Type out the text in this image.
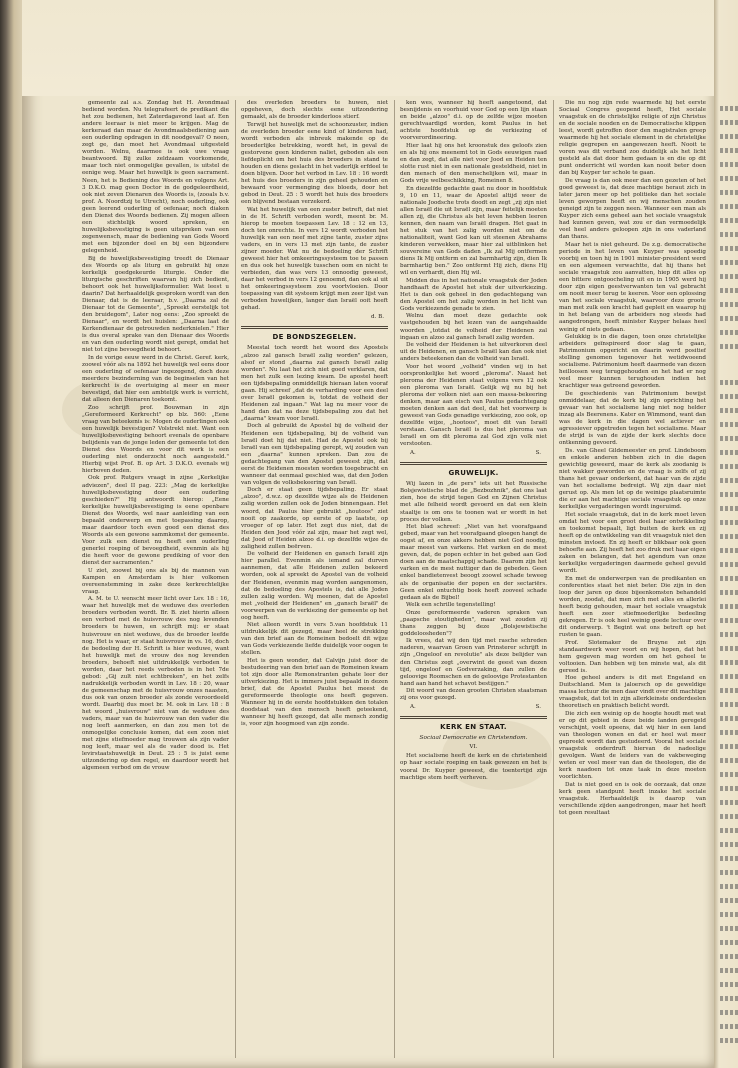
gemeente zal a.s. Zondag het H. Avondmaal bediend worden. Nu telegrafeert de predikant die het zou bedienen, het Zaterdagavond laat af. Een andere leeraar is niet meer te krijgen. Mag de kerkeraad dan maar de Avondmaalsbediening aan een ouderling opdragen in dit noodgeval? O neen, zegt ge, dan moet het Avondmaal uitgesteld worden. Welnu, daarmee is ook uwe vraag beantwoord. Bij zulke zeldzaam voorkomende, maar toch niet onmogelijke gevallen, is uitstel de eenige weg. Maar het huwelijk is geen sacrament. Neen, het is Bediening des Woords en volgens Art. 3 D.K.O. mag geen Doctor in de godgeleerdheid, ook niet zeven Dienaren des Woords is, (zooals b.v. prof. A. Noordtzij te Utrecht), noch ouderling, ook geen leerend ouderling of oefenaar, noch diaken den Dienst des Woords bedienen. Zij mogen alleen een stichtelijk woord spreken, en huwelijksbevestiging is geen uitspreken van een zegenwensch, maar de bediening van Gods Woord met een bijzonder doel en bij een bijzondere gelegenheid.

Bij de huwelijksbevestiging treedt de Dienaar des Woords op als liturg en gebruikt hij onze kerkelijk goedgekeurde liturgie. Onder die liturgische geschriften waarvan hij zich bedient, behoort ook het huwelijksformulier. Wat leest u daarin? Dat herhaaldelijk gesproken wordt van den Dienaar, dat is de leeraar, b.v. „Daarna zal de Dienaar tot de Gemeente", „Spreekt eerstelijk tot den bruidegom", Later nog eens: „Zoo spreekt de Dienaar", en wordt het huislen: „Daarna laat de Kerkendienaar de getrouwden nederknielen." Hier is dus overal sprake van den Dienaar des Woords en van den ouderling wordt niet gerept, omdat het niet tot zijne bevoegdheid behoort.

In de vorige eeuw werd in de Christ. Geref. kerk, zoowel vóór als na 1892 het huwelijk wel eens door een ouderling of oefenaar ingezegend, doch deze meerdere bezinderning van de beginselen van het kerkrecht is de overtuiging al meer en meer bevestigd, dat hier een ambtelijk werk is verricht, dat alleen den Dienaren toekomt.

Zoo schrijft prof. Bouwman in zijn „Gereformeerd Kerkrecht" op blz. 560: „Eene vraag van beteekenis is: Mogen de ouderlingen ook een huwelijk bevestigen? Volstrekt niet. Want een huwelijksbevestiging behoort evenals de openbare belijdenis van de jonge leden der gemeente tot den Dienst des Woords en voor dit werk is een ouderling niet onderzocht noch aangesteld." Hierbij wijst Prof. B. op Art. 3 D.K.O. evenals wij hierboven deden.

Ook prof. Rutgers vraagt in zijne „Kerkelijke adviezen", deel II pag. 223: „Mag de kerkelijke huwelijksbevestiging door een ouderling geschieden?" Hij antwoordt hierop: „Eene kerkelijke huwelijksbevestiging is eene openbare Dienst des Woords, wel naar aanleiding van een bepaald onderwerp en met toepassing daarop, maar daardoor toch even goed een dienst des Woords als een gewone sammkomst der gemeente. Voor zulk een dienst nu heeft een ouderling generlei roeping of bevoegdheid, evenmin als hij die heeft voor de gewone prediking of voor den dienst der sacramenten."

U ziet, zoowel bij ons als bij de mannen van Kampen en Amsterdam is hier volkomen overeenstemming in zake deze kerkrechtelijke vraag.

A. M. te U. wenscht meer licht over Lev. 18 : 16, waar het huwelijk met de weduwe des overleden broeders verboden wordt. Br. B. ziet hierin alleen een verbod met de huisvrouw des nog levenden broeders te huwen, en schrijft mij: er staat huisvrouw en niet weduwe, dus de broeder leefde nog. Het is waar, er staat huisvrouw in vs. 16, doch de bedoeling der H. Schrift is hier weduwe, want het huwelijk met de vrouw des nog levenden broeders, behoeft niet uitdrukkelijk verboden te worden, daar het reeds verboden is in het 7de gebod: „Gij zult niet echtbreken", en het zelfs nadrukkelijk verboden wordt in Lev. 18 : 20, waar de gemeenschap met de huisvrouw onzes naasten, dus ook van onzen broeder als zonde veroordeeld wordt. Daarbij dus moet br. M. ook in Lev. 18 : 8 het woord „huisvrouw" niet van de weduwe des vaders, maar van de huisvrouw van den vader die nog leeft aanmerken, en dan zou men tot de onmogelijke conclusie komen, dat een zoon niet met zijne stiefmoeder mag trouwen als zijn vader nog leeft, maar wel als de vader dood is. Het levirstaatshuwelijk in Deut. 25 : 5 is juist eene uitzondering op den regel, en daardoor wordt het algemeen verbod om de vrouw

des overleden broeders te huwen, niet opgeheven, doch slechts eene uitzondering gemaakt, als de broeder kinderloos stierf.

Terwijl het huwelijk met de schoonzuster, indien de overleden broeder eene kind of kinderen had, wordt verboden als inbreuk makende op de broederlijke betrekking, wordt het, in geval de gestorvene geen kinderen naliet, geboden als een liefdeplicht om het huis des broeders in stand te houden en diens geslacht in het vaderlijk erfdeel te doen blijven. Door het verbod in Lev. 18 : 16 wordt het huis des broeders in zijn geheel gehouden en bewaard voor vermenging des bloeds, door het gebod in Deut. 25 : 5 wordt het huis des broeders een blijvend bestaan verzekerd.

Wat het huwelijk van een zuster betreft, dat niet in de H. Schrift verboden wordt, meent br. M. hierop te moeten toepassen Lev. 18 : 12 en 13, doch ten onrechte. In vers 12 wordt verboden het huwelijk van een neef met zijne tante, zuster zijns vaders, en in vers 13 met zijn tante, de zuster zijner moeder. Wat nu de bedoeling der Schrift geweest hier het omkeeringssysteem toe te passen en dus ook het huwelijk tusschen oom en nicht te verbieden, dan was vers 13 onnoodig geweest, daar het verbod in vers 12 genoemd, dan ook al uit het omkeeringssysteem zou voortvloeien. Door toepassing van dit systeem krijgt men zeer lijst van verboden huwelijken, langer dan Israël ooit heeft gehad.

d. B.
DE BONDSZEGELEN.

Meestal toch wordt het woord des Apostels „alzoo zal gansch Israël zalig worden" gelezen, alsof er stond „daarna zal gansch Israël zalig worden". Nu laat het zich niet goed verklaren, dat men het zulk een lezing kwam. De apostel heeft een tijdsbepaling onmiddellijk hieraan laten vooraf gaan. Hij schreef „dat de verharding voor een deel over Israël gekomen is, totdat de volheid der Heidenen zal ingaan." Wat lag nu meer voor de hand dan dat na deze tijdsbepaling zou dat het „daarna" kwam voor Israël.

Doch al gebruikt de Apostel bij de volheid der Heidenen een tijdsbepaling, bij de volheid van Israël doet hij dat niet. Had de Apostel ook bij Israël van een tijdsbepaling gerept, wij zouden van een „daarna" kunnen spreken. Dan zou de gedachtegang van den Apostel geweest zijn, dat eerst de Heidenen moesten worden toegebracht en wanneer dat eenmaal geschied was, dat den Joden van volgen de volksbekeering van Israël.

Doch er staat geen tijdsbepaling. Er staat „alzoo", d.w.z. op dezelfde wijze als de Heidenen zalig worden zullen ook de Joden binnengaan. Het woord, dat Paulus hier gebruikt „houtoos" ziet nooit op zaakorde, op eerste of op laatste, op vroeger of op later. Het zegt dus niet, dat de Heiden den Jood vóór zal zijn, maar het zegt wel, dat Jood of Heiden alzoo d.i. op dezelfde wijze de zaligheid zullen beërven.

De volheid der Heidenen en gansch Israël zijn hier parallel. Evenmin als iemand zal durven aannemen, dat alle Heidenen zullen bekeerd worden, ook al spreekt de Apostel van de volheid der Heidenen, evenmin mag worden aangenomen, dat de bedoeling des Apostels is, dat alle Joden zullen zalig worden. Wij meenen, dat de Apostel met „volheid der Heidenen" en „gansch Israël" de voorwerpen van de verkiezing der gemeente op het oog heeft.

Niet alleen wordt in vers 5.van hoofdstuk 11 uitdrukkelijk dit gezegd, maar heel de strekking van den brief aan de Romeinen bedoelt dit wijze van Gods verkiezende liefde duidelijk voor oogen te stellen.

Het is geen wonder, dat Calvijn juist door de bestudeering van den brief aan de Romeinen kwam tot zijn door alle Remonstranten gehate leer der uitverkiezing. Het is immers juist bepaald in dezen brief, dat de Apostel Paulus het meest de gereformeerde theologie ons heeft gegeven. Wanneer hij in de eerste hoofdstukken den totalen doodstaat van den mensch heeft geteekend, wanneer hij heeft gezegd, dat alle mensch zondig is, voor zijn hoogmoed van zijn zonde.

ken wes, wanneer hij heeft aangetoond, dat besnijdenis en voorhuid voor God op een lijn staan en beide „alzoo" d.i. op de zelfde wijze moeten gerechtvaardigd worden, komt Paulus in het achtste hoofdstuk op de verkiezing of voorverordineering.

Hier laat hij ons het kroonstuk des geloofs zien en als hij ons meenemt tot in Gods eeuwigen raad en dan zegt, dat alle niet voor Jood en Heiden ten slotte rust niet in een nationale gesteldheid, niet in den mensch of den menschelijken wil, maar in Gods vrije welbeschikking, Romeinen 8.

En diezelfde gedachte gaat nu door in hoofdstuk 9, 10 en 11, waar de Apostel altijd weer de nationale Joodsche trots doodt en zegt „zij zijn niet allen Israël die uit Israël zijn, maar feitelijk moeten allen zij, die Christus als het leven hebben leeren kennen, den naam van Israël dragen. Het gaat in het stuk van het zalig worden niet om de nationaliteit, want God kan uit steenen Abrahams kinderen verwekken, maar hier zal uitblinken het souvereine van Gods daden „Ik zal Mij ontfermen diens Ik Mij ontferm en zal barmhartig zijn, dien Ik barmhartig ben." Zoo ontfermt Hij zich, diens Hij wil en verhardt, dien Hij wil.

Midden dus in het nationale vraagstuk der Joden handhaaft de Apostel het stuk der uitverkiezing. Het is dan ook geheel in den gedachtegang van den Apostel om het zalig worden in het licht van Gods verkiezende genade te zien.

Welnu dan moet deze gedachte ook vastgehouden bij het lezen van de aangehaalde woorden „totdat de volheid der Heidenen zal ingaan en alzoo zal gansch Israël zalig worden.

De volheid der Heidenen is het uitverkoren deel uit de Heidenen, en gansch Israël kan dan ook niet anders beteekenen dan de volheid van Israël.

Voor het woord „volheid" vinden wij in het oorspronkelijke het woord „pleroma". Naast het pleroma der Heidenen staat volgens vers 12 ook een pleroma van Israël. Gelijk wij nu bij het pleroma der volken niet aan een massa-bekeering denken, maar aan eisch van Paulus gedachtegang moeten denken aan dat deel, dat het voorwerp is geweest van Gods genadige verkiezing, zoo ook, op dezelfde wijze, „hootoos", moet dit van Israël verstaan. Gansch Israël is dus het pleroma van Israël en om dit pleroma zal God zijn volk niet verstooten.

A.	S.
GRUWELIJK.

Wij lazen in „de pers" iets uit het Russische Bolsjewistische blad de „Bezbozhnik", dat ons laat zien, hoe de strijd tegen God en Zijnen Christus met alle felheid wordt gevoerd en dat een klein staaltje is om ons te toonen wat er wordt in het proces der volken.

Het blad schreef: „Niet van het voorafgaand gebed, maar van het voorafgaand gloegen hangt de oogst af, en onze akkers hebben niet God noodig, maar meest van varkens. Het varken en de mest geven, dat, de popen echter in het gebed aan God doen aan de maatschappij schade. Daarom zijn het varken en de mest nuttiger dan de gebeden. Geen enkel bandietenvest beoogt zoowel schade teweeg als de organisatie der popen en der sectariërs. Geen enkel ontuchtig boek heeft zooveel schade gedaan als de Bijbel!

Welk een schrille tegenstelling!

Onze gereformeerde vaderen spraken van „paapsche stoutigheden", maar wat zouden zij thans zeggen bij deze „Bolsjewistische goddeloosheden"?

Ik vrees, dat wij den tijd met rasche schreden naderen, waarvan Groen van Prinsterer schrijft in zijn „Ongeloof en revolutie" als deze belijder van den Christus zegt „overwint de geest van dezen tijd, ongeloof en Godverzaking, dan zullen de geloovige Roomschen en de geloovige Protestanten hand aan hand het schavot bestijgen."

Dit woord van dezen grooten Christen staatsman zij ons voor gezegd.

A.	S.
KERK EN STAAT.
Sociaal Democratie en Christendom.
VI.

Het socialisme heeft de kerk en de christenheid op haar sociale roeping en taak gewezen en het is vooral Dr. Kuyper geweest, die toentertijd zijn machtige stem heeft verheven.

Die nu nog zijn rede waarmede hij het eerste Sociaal Congres geopend heeft, Het sociale vraagstuk en de christelijke religie of zijn Christus en de sociale nooden en de Democratische klippen leest, wordt getroffen door den magistralen greep waarmede hij het sociale element in de christelijke religie gegrepen en aangewezen heeft. Nooit te voren was dit verband zoo duidelijk als het licht gesteld als dat door hem gedaan is en die op dit punt onderricht wil worden kan nooit beter doen dan bij Kuyper ter schole te gaan.

De vraag is dan ook meer dan een gezeten of het goed geweest is, dat deze machtige heraut zich in later jaren meer op het politieke dan het sociale leven geworpen heeft en wij menschen zouden geneigd zijn te zeggen neen. Wanneer een man als Kuyper zich eens geheel aan het sociale vraagstuk had kunnen geven, wat zou er dan vermoedelijk veel heel anders geloopen zijn in ons vaderland dan thans.

Maar het is niet geheurd. De z.g. democratische periode in het leven van Kuyper was spoedig voorbij en toen hij in 1901 minister-president werd en een algemeen verwachtte, dat hij thans het sociale vraagstuk zou aanvatten, hiep dit alles op een bittere ontgoocheling uit en in 1905 werd hij door zijn eigen geestverwanten ten val gebracht om nooit meer terug te keeren. Voor een oplossing van het sociale vraagstuk, waarvoor deze groote man met zulk een kracht had gepleit en waarop hij in het belang van de arbeiders nog steeds had aangedrongen, heeft minister Kuyper helaas heel weinig of niets gedaan.

Gelukkig is in die dagen, toen onze christelijke arbeiders geïnspireerd door slag te gaan, Patrimonium opgericht en daarin werd positief stelling genomen tegenover het wetidwoeend socialisme. Patrimonium heeft daarmede van dezen heilloosen weg teruggehouden en het had er nog veel meer kunnen terughouden indien het krachtiger was getreend geworden.

De geschiedenis van Patrimonium bewijst onmiddelaar, dat de kerk bij zijn oprichting het gevaar van het socialisme lang niet nog helder inzag als Beerenens. Kater en Wimmond, want dan was de kerk in die dagen wel actiever en agressiever opgetreden tegen het socialisme. Maar de strijd is van de zijde der kerk slechts doce ontkenning gevoerd.

Ds. van Gheel Gildemeester en prof. Lindeboom en enkele anderen hebben zich in die dagen gewichtig geweerd, maar de kerk als zoodanig is niet wakker geworden en de vraag is zelfs of zij thans het gevaar onderkent, dat haar van de zijde van het socialisme bedreigt. Wij zijn daar niet gerust op. Als men let op de weinige plaatsruimte die er aan het machtige sociale vraagstuk op onze kerkelijke vergaderingen wordt ingeruimd.

Het sociale vraagstuk, dat in de kerk moet leven omdat het voor een groot deel haar ontwikkeling en toekomst bepaalt, ligt buiten de kerk en zij heeft op de ontwikkeling van dit vraagstuk niet den minsten invloed. En zij heeft er blikbaar ook geen behoefte aan. Zij heeft het zoo druk met haar eigen zaken en belangen, dat het agendum van onze kerkelijke vergaderingen daarmede geheel gevuld wordt.

En met de onderwerpen van de predikanten en conferenties staat het niet beter. Die zijn in den loop der jaren op deze bijeenkomsten behandeld worden, zoodat, dat men zich met alles en allerlei heeft bezig gehouden, maar het sociale vraagstuk heeft een zeer stiefmoederlijke bedeeling gekregen. Er is ook heel weinig goede lectuur over dit onderwerp. 't Begint wat ons betreft op het rusten te gaan.

Prof. Slotemaker de Bruyne zet zijn standaardwerk weer voort en wij hopen, dat het hem gegeven mag worden om het geheel te voltooien. Dan hebben wij ten minste wat, als dit gereed is.

Hoe geheel anders is dit met Engeland en Duitschland. Men is jaloersch op de geweldige massa lectuur die men daar vindt over dit machtige vraagstuk, dat tot in zijn allerkleinste onderdeelen theoretisch en praktisch belicht wordt.

Die zich een weinig op de hoogte houdt met wat er op dit gebied in deze beide landen geregeld verschijnt, voelt opeens, dat wij hier in een land van theologen wonen en dat er heel wat meer gepreekt wordt dan gestudeerd. Vooral het sociale vraagstuk onderdruft hiervan de nadeelige gevolgen. Want de leiders van de vakbeweging weten er veel meer van dan de theologen, die de kerk naadoen tot onze taak in deze moeten voorlichten.

Dat is niet goed en is ook de oorzaak, dat onze kerk geen standpunt heeft inzake het sociale vraagstuk. Herhaaldelijk is daarop van verschillende zijden aangedrongen, maar het heeft tot geen resultaat
